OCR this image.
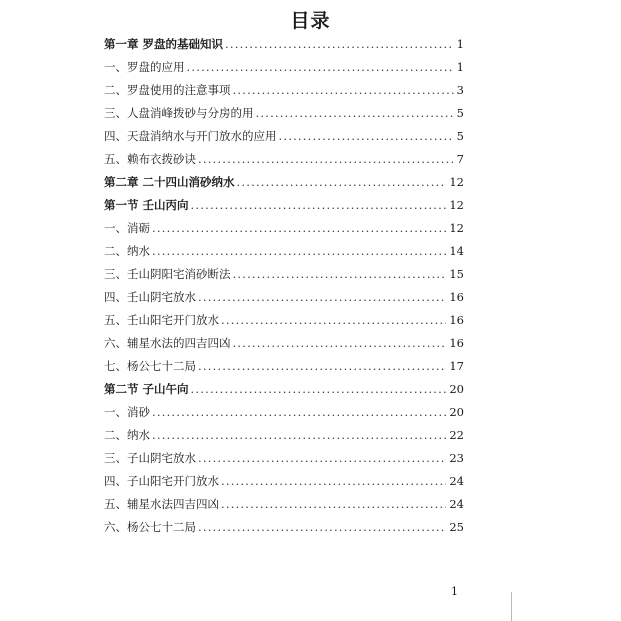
目录
第一章 罗盘的基础知识 .....	1
一、罗盘的应用 .....	1
二、罗盘使用的注意事项 .....	3
三、人盘消峰拨砂与分房的用 .....	5
四、天盘消纳水与开门放水的应用 .....	5
五、赖布衣拨砂诀 .....	7
第二章 二十四山消砂纳水 .....	12
第一节 壬山丙向 .....	12
一、消砺 .....	12
二、纳水 .....	14
三、壬山阴阳宅消砂断法 .....	15
四、壬山阴宅放水 .....	16
五、壬山阳宅开门放水 .....	16
六、辅星水法的四吉四凶 .....	16
七、杨公七十二局 .....	17
第二节 子山午向 .....	20
一、消砂 .....	20
二、纳水 .....	22
三、子山阴宅放水 .....	23
四、子山阳宅开门放水 .....	24
五、辅星水法四吉四凶 .....	24
六、杨公七十二局 .....	25
1
